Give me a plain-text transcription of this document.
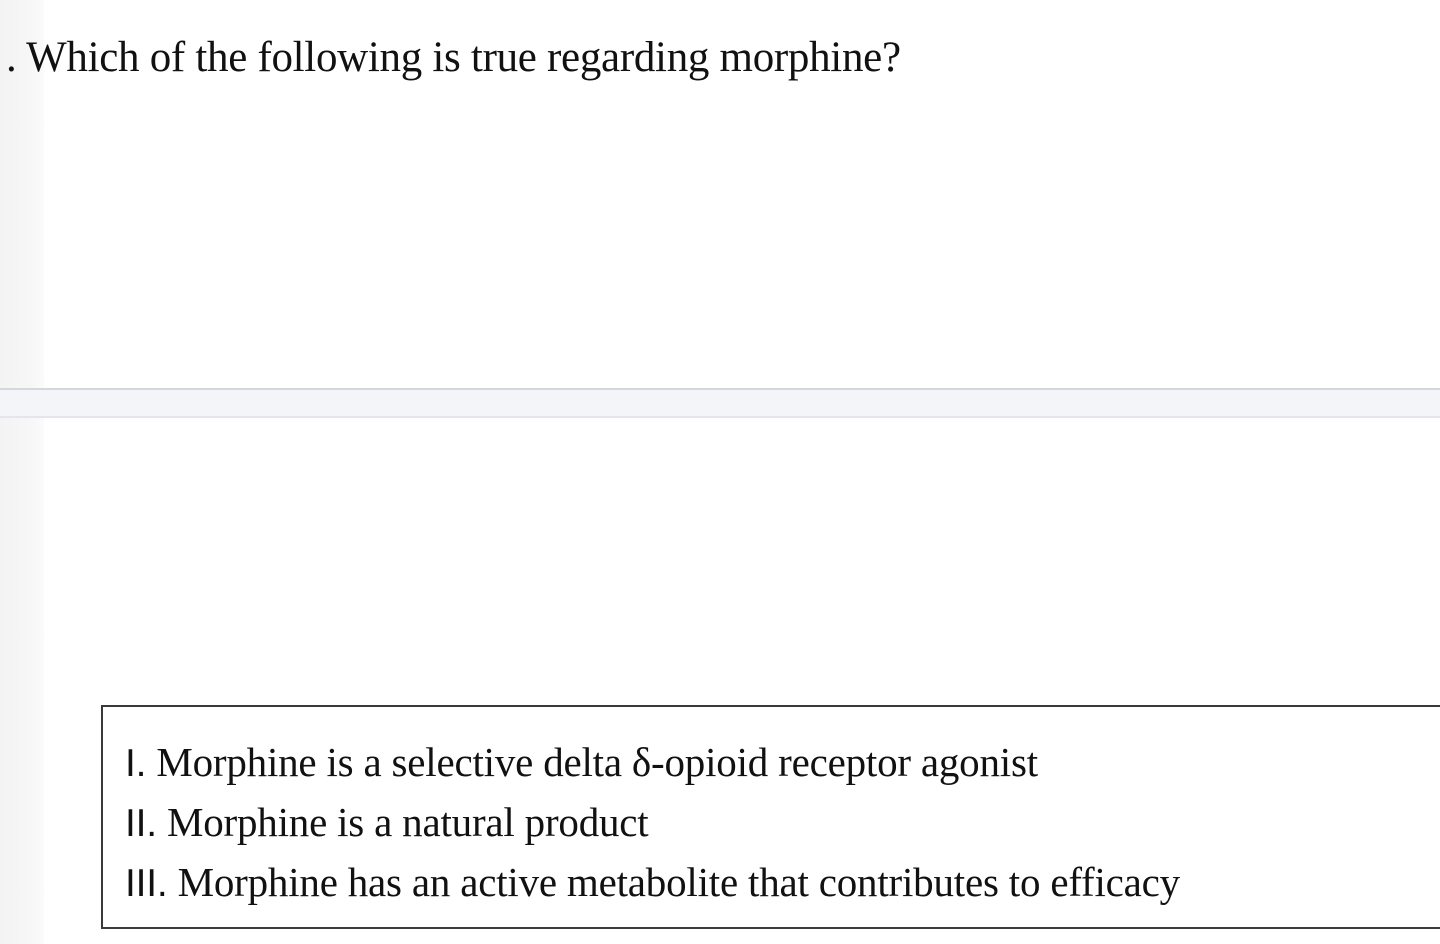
. Which of the following is true regarding morphine?

I. Morphine is a selective delta δ-opioid receptor agonist
II. Morphine is a natural product
III. Morphine has an active metabolite that contributes to efficacy
